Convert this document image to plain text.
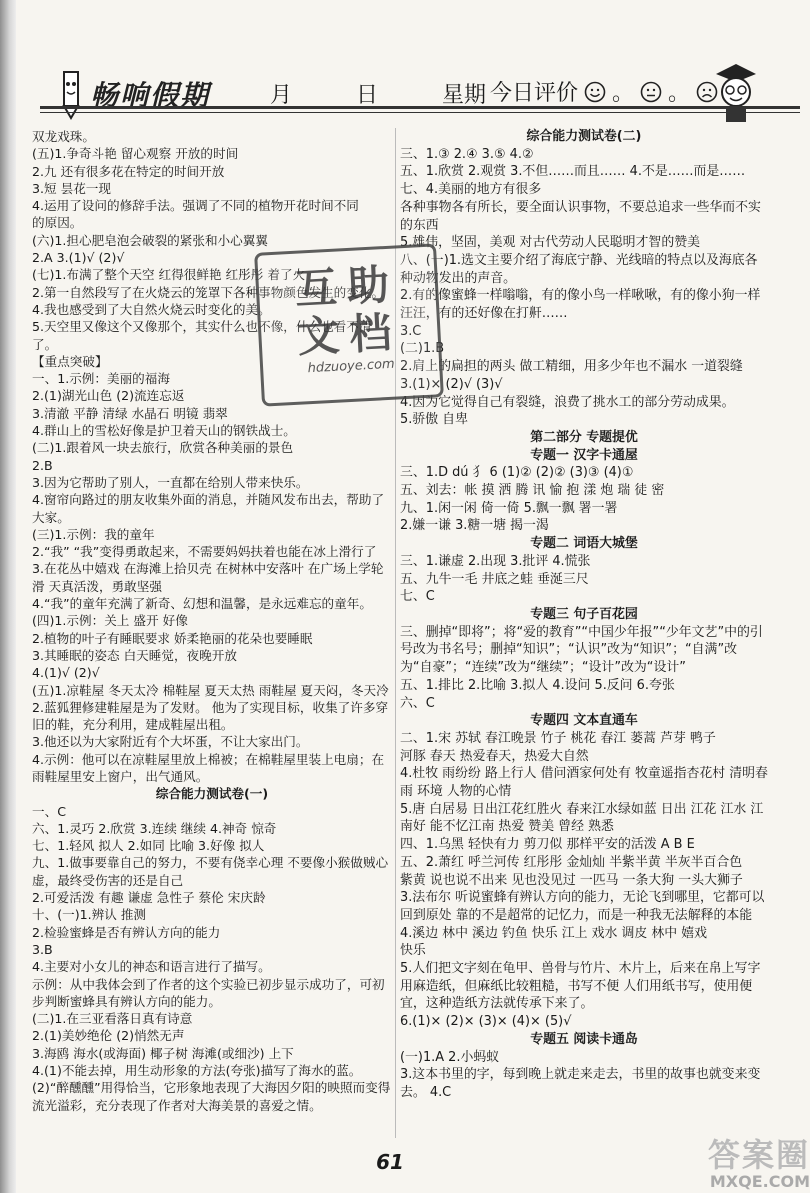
畅响假期	月	日	星期 今日评价 。 。
双龙戏珠。
(五)1.争奇斗艳 留心观察 开放的时间
2.九 还有很多花在特定的时间开放
3.短 昙花一现
4.运用了设问的修辞手法。强调了不同的植物开花时间不同
的原因。
(六)1.担心肥皂泡会破裂的紧张和小心翼翼
2.A 3.(1)√ (2)√
(七)1.布满了整个天空 红得很鲜艳 红彤彤 着了火
2.第一自然段写了在火烧云的笼罩下各种事物颜色发生的变化。
4.我也感受到了大自然火烧云时变化的美。
5.天空里又像这个又像那个，其实什么也不像，什么也看不清了。
【重点突破】
一、1.示例：美丽的福海
2.(1)湖光山色 (2)流连忘返
3.清澈 平静 清绿 水晶石 明镜 翡翠
4.群山上的雪松好像是护卫着天山的钢铁战士。
(二)1.跟着风一块去旅行，欣赏各种美丽的景色
2.B
3.因为它帮助了别人，一直都在给别人带来快乐。
4.窗帘向路过的朋友收集外面的消息，并随风发布出去，帮助了大家。
(三)1.示例：我的童年
2.“我” “我”变得勇敢起来，不需要妈妈扶着也能在冰上滑行了
3.在花丛中嬉戏 在海滩上拾贝壳 在树林中安落叶 在广场上学轮滑 天真活泼，勇敢坚强
4.“我”的童年充满了新奇、幻想和温馨，是永远难忘的童年。
(四)1.示例：关上 盛开 好像
2.植物的叶子有睡眠要求 娇柔艳丽的花朵也要睡眠
3.其睡眠的姿态 白天睡觉，夜晚开放
4.(1)√ (2)√
(五)1.凉鞋屋 冬天太冷 棉鞋屋 夏天太热 雨鞋屋 夏天闷，冬天冷
2.蓝狐狸修建鞋屋是为了发财。 他为了实现目标，收集了许多穿旧的鞋，充分利用，建成鞋屋出租。
3.他还以为大家附近有个大坏蛋，不让大家出门。
4.示例：他可以在凉鞋屋里放上棉被；在棉鞋屋里装上电扇；在雨鞋屋里安上窗户，出气通风。
综合能力测试卷(一)
一、C
六、1.灵巧 2.欣赏 3.连续 继续 4.神奇 惊奇
七、1.轻风 拟人 2.如同 比喻 3.好像 拟人
九、1.做事要靠自己的努力，不要有侥幸心理 不要像小猴做贼心虚，最终受伤害的还是自己
2.可爱活泼 有趣 谦虚 急性子 蔡伦 宋庆龄
十、(一)1.辨认 推测
2.检验蜜蜂是否有辨认方向的能力
3.B
4.主要对小女儿的神态和语言进行了描写。
示例：从中我体会到了作者的这个实验已初步显示成功了，可初步判断蜜蜂具有辨认方向的能力。
(二)1.在三亚看落日真有诗意
2.(1)美妙绝伦 (2)悄然无声
3.海鸥 海水(或海面) 椰子树 海滩(或细沙) 上下
4.(1)不能去掉，用生动形象的方法(夸张)描写了海水的蓝。
(2)“醉醺醺”用得恰当，它形象地表现了大海因夕阳的映照而变得流光溢彩，充分表现了作者对大海美景的喜爱之情。
综合能力测试卷(二)
三、1.③ 2.④ 3.⑤ 4.②
五、1.欣赏 2.观赏 3.不但……而且…… 4.不是……而是……
七、4.美丽的地方有很多
各种事物各有所长，要全面认识事物，不要总追求一些华而不实的东西
5.雄伟，坚固，美观 对古代劳动人民聪明才智的赞美
八、(一)1.选文主要介绍了海底宁静、光线暗的特点以及海底各种动物发出的声音。
2.有的像蜜蜂一样嗡嗡，有的像小鸟一样啾啾，有的像小狗一样汪汪，有的还好像在打鼾……
3.C
(二)1.B
2.肩上的扁担的两头 做工精细，用多少年也不漏水 一道裂缝
3.(1)× (2)√ (3)√
4.因为它觉得自己有裂缝，浪费了挑水工的部分劳动成果。
5.骄傲 自卑
第二部分 专题提优
专题一 汉字卡通屋
三、1.D dú 犭 6 (1)② (2)② (3)③ (4)①
五、刘去：帐 摸 洒 腾 讯 愉 抱 漾 炮 瑞 徒 密
九、1.闲一闲 倚一倚 5.飘一飘 署一署
2.嫌一谦 3.糖一塘 揭一渴
专题二 词语大城堡
三、1.谦虚 2.出现 3.批评 4.慌张
五、九牛一毛 井底之蛙 垂涎三尺
七、C
专题三 句子百花园
三、删掉“即将”；将“爱的教育”“中国少年报”“少年文艺”中的引号改为书名号；删掉“知识”；“认识”改为“知识”；“自满”改为“自豪”；“连续”改为“继续”；“设计”改为“设计”
五、1.排比 2.比喻 3.拟人 4.设问 5.反问 6.夸张
六、C
专题四 文本直通车
二、1.宋 苏轼 春江晚景 竹子 桃花 春江 蒌蒿 芦芽 鸭子
河豚 春天 热爱春天，热爱大自然
4.杜牧 雨纷纷 路上行人 借问酒家何处有 牧童遥指杏花村 清明春雨 环境 人物的心情
5.唐 白居易 日出江花红胜火 春来江水绿如蓝 日出 江花 江水 江南好 能不忆江南 热爱 赞美 曾经 熟悉
四、1.乌黑 轻快有力 剪刀似 那样平安的活泼 A B E
五、2.萧红 呼兰河传 红彤彤 金灿灿 半紫半黄 半灰半百合色
紫黄 说也说不出来 见也没见过 一匹马 一条大狗 一头大狮子
3.法布尔 听说蜜蜂有辨认方向的能力，无论飞到哪里，它都可以回到原处 靠的不是超常的记忆力，而是一种我无法解释的本能
4.溪边 林中 溪边 钓鱼 快乐 江上 戏水 调皮 林中 嬉戏
快乐
5.人们把文字刻在龟甲、兽骨与竹片、木片上，后来在帛上写字用麻造纸，但麻纸比较粗糙，书写不便 人们用纸书写，使用便宜，这种造纸方法就传承下来了。
6.(1)× (2)× (3)× (4)× (5)√
专题五 阅读卡通岛
(一)1.A 2.小蚂蚁
3.这本书里的字，每到晚上就走来走去，书里的故事也就变来变去。 4.C
互助
文档
hdzuoye.com
61	答案圈
MXQE.COM
